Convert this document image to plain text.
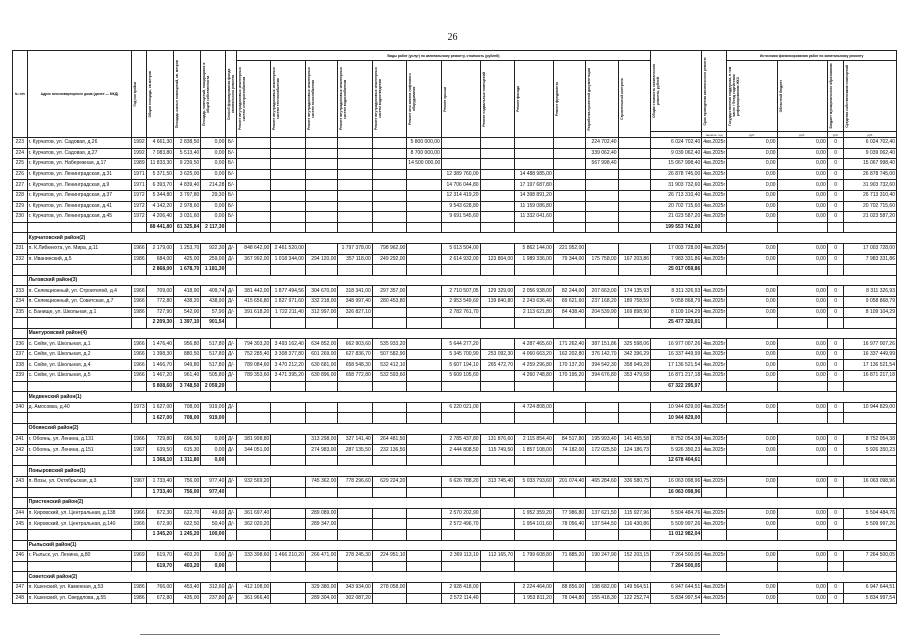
26
№ п/п	Адрес многоквартирного дома (далее — МКД)	Год постройки	Общая площадь, кв.метров	Площадь жилых помещений, кв. метров	Площадь помещений, находящихся в общей собственности	Способ формирования фонда капитального ремонта	Виды работ (услуг) по капитальному ремонту, стоимость (рублей)												Общая стоимость капитального ремонта, рублей	Срок проведения капитального ремонта	Источники финансирования работ по капитальному ремонту			

							Ремонт внутридомовых инженерных систем электроснабжения	Ремонт внутридомовых инженерных систем теплоснабжения	Ремонт внутридомовых инженерных систем газоснабжения	Ремонт внутридомовых инженерных систем водоснабжения	Ремонт внутридомовых инженерных систем водоотведения	Ремонт или замена лифтового оборудования	Ремонт крыши	Ремонт подвальных помещений	Ремонт фасада	Ремонт фундамента	Разработка проектной документации	Строительный контроль			Государственная поддержка, в том числе / Фонд содействия реформированию ЖКХ	Областной бюджет	Бюджет муниципального образования	Средства собственников помещений

																				выполн. год	руб.	руб.	руб.	руб.
223	г. Курчатов, ул. Садовая, д.26	1992	4 661,30	2 838,50	0,00	Б/-						5 800 000,00					224 702,40		6 024 702,40	4кв.2025г	0,00	0,00	0	6 024 702,40
224	г. Курчатов, ул. Садовая, д.27	1992	7 083,80	5 513,40	0,00	Б/-						8 700 000,00					339 062,40		9 039 062,40	4кв.2025г	0,00	0,00	0	9 039 062,40
225	г. Курчатов, ул. Набережная, д.17	1989	11 833,30	9 239,50	0,00	Б/-						14 500 000,00					567 998,40		15 067 998,40	4кв.2025г	0,00	0,00	0	15 067 998,40
226	г. Курчатов, ул. Ленинградская, д.31	1971	5 371,50	3 625,00	0,00	Б/-							12 389 760,00		14 488 985,00				26 878 745,00	4кв.2025г	0,00	0,00	0	26 878 745,00
227	г. Курчатов, ул. Ленинградская, д.9	1971	6 393,70	4 839,40	214,28	Б/-							14 706 044,80		17 197 687,80				31 903 732,60	4кв.2025г	0,00	0,00	0	31 903 732,60
228	г. Курчатов, ул. Ленинградская, д.37	1972	5 344,80	3 797,80	29,30	Б/-							12 314 419,20		14 398 891,20				26 713 310,40	4кв.2025г	0,00	0,00	0	26 713 310,40
229	г. Курчатов, ул. Ленинградская, д.41	1972	4 142,20	2 978,60	0,00	Б/-							9 543 628,80		11 159 086,80				20 702 715,60	4кв.2025г	0,00	0,00	0	20 702 715,60
230	г. Курчатов, ул. Ленинградская, д.45	1972	4 206,40	3 031,60	0,00	Б/-							9 691 545,60		11 332 041,60				21 023 587,20	4кв.2025г	0,00	0,00	0	21 023 587,20
			88 441,80	61 325,84	2 117,30														199 553 742,00					
	Курчатовский район(2)																							
231	п. К.Либкнехта, ул. Мира, д.11	1966	2 179,00	1 253,70	922,30	Д/-	848 642,00	2 461 520,00		1 797 378,00	798 962,00		5 013 504,00		5 862 144,00	221 952,00			17 003 728,00	4кв.2025г	0,00	0,00	0	17 003 728,00
232	п. Иванинский, д.5	1986	684,00	425,00	259,00	Д/-	367 992,00	1 018 344,00	294 120,00	357 118,00	249 292,00		2 614 932,00	123 804,00	1 989 336,00	79 344,00	175 758,00	167 203,86	7 983 331,86	4кв.2025г	0,00	0,00	0	7 983 331,86
			2 868,00	1 678,70	1 181,30														25 017 059,86					
	Льговский район(3)																							
233	п. Селекционный, ул. Строителей, д.4	1966	709,00	418,90	409,74	Д/-	381 442,00	1 877 494,56	304 670,00	318 341,00	297 357,00		2 710 507,05	129 329,00	2 056 938,00	82 244,00	207 663,00	174 135,93	8 311 326,93	4кв.2025г	0,00	0,00	0	8 311 326,93
234	п. Селекционный, ул. Советская, д.7	1966	772,80	438,20	438,90	Д/-	415 656,80	1 827 971,60	332 218,00	348 997,40	280 453,80		2 953 549,60	139 840,80	2 243 636,40	89 621,60	237 168,20	189 758,59	9 058 868,79	4кв.2025г	0,00	0,00	0	9 058 868,79
235	с. Банище, ул. Школьная, д.1	1986	727,90	542,00	57,90	Д/-	391 618,20	1 722 211,40	312 997,00	326 827,10			2 782 761,70		2 113 621,80	84 438,40	204 539,90	169 898,90	8 109 104,29	4кв.2025г	0,00	0,00	0	8 109 104,29
			2 209,30	1 397,10	901,54														25 477 320,01					
	Мантуровский район(4)																							
236	с. Сейм, ул. Школьная, д.1	1966	1 476,40	956,80	517,80	Д/-	794 303,20	3 493 162,40	634 852,00	662 903,60	535 933,20		5 644 277,20		4 287 465,60	171 262,40	387 151,86	325 598,06	16 977 007,26	4кв.2025г	0,00	0,00	0	16 977 007,26
237	с. Сейм, ул. Школьная, д.2	1966	1 398,30	880,50	517,80	Д/-	752 285,40	3 308 377,80	601 269,00	627 836,70	507 582,90		5 345 700,90	253 092,30	4 060 663,20	162 202,80	376 142,70	342 396,29	16 337 449,99	4кв.2025г	0,00	0,00	0	16 337 449,99
238	с. Сейм, ул. Школьная, д.4	1966	1 466,70	949,80	517,80	Д/-	789 084,60	3 470 212,20	630 681,00	658 548,30	532 412,10		5 607 194,10	265 472,70	4 259 296,80	170 137,20	394 542,30	358 949,28	17 136 521,54	4кв.2025г	0,00	0,00	0	17 136 521,54
239	с. Сейм, ул. Школьная, д.5	1966	1 467,20	961,40	505,80	Д/-	789 353,60	3 471 395,20	630 896,00	658 772,80	532 593,60		5 609 105,60		4 260 748,80	170 195,20	394 676,80	353 479,58	16 871 217,18	4кв.2025г	0,00	0,00	0	16 871 217,18
			5 808,60	3 748,50	2 059,20														67 322 295,97					
	Медвенский район(1)																							
240	д. Амосовка, д.40	1973	1 627,00	708,00	919,00	Д/-							6 220 021,00		4 724 808,00				10 944 829,00	4кв.2025г	0,00	0,00	0	10 944 829,00
			1 627,00	708,00	919,00														10 944 829,00					
	Обоянский район(2)																							
241	г. Обоянь, ул. Ленина, д.131	1966	729,80	696,50	0,00	Д/-	381 998,80		313 298,00	327 141,40	264 481,50		2 785 437,80	131 876,60	2 115 854,40	84 517,80	195 993,40	141 465,58	8 752 054,38	4кв.2025г	0,00	0,00	0	8 752 054,38
242	г. Обоянь, ул. Ленина, д.151	1967	639,50	615,30	0,00	Д/-	344 051,00		274 983,00	287 135,50	232 136,50		2 444 808,50	115 749,50	1 857 108,00	74 182,00	172 025,50	124 186,73	5 926 350,23	4кв.2025г	0,00	0,00	0	5 926 350,23
			1 368,10	1 311,80	0,00														12 678 404,61					
	Поныровский район(1)																							
243	п. Возы, ул. Октябрьская, д.3	1967	1 733,40	756,00	977,40	Д/-	932 569,20		745 362,00	778 296,60	629 224,20		6 626 788,20	313 745,40	5 033 793,60	201 074,40	465 284,60	336 580,75	16 063 098,96	4кв.2025г	0,00	0,00	0	16 063 098,96
			1 733,40	756,00	977,40														16 063 098,96					
	Пристенский район(2)																							
244	п. Кировский, ул. Центральная, д.138	1966	672,30	622,70	49,60	Д/-	361 697,40		289 089,00				2 570 202,90		1 952 359,20	77 986,80	137 621,50	115 927,96	5 504 484,76	4кв.2025г	0,00	0,00	0	5 504 484,76
245	п. Кировский, ул. Центральная, д.140	1966	672,90	622,50	50,40	Д/-	362 020,20		289 347,00				2 572 496,70		1 954 101,60	78 056,40	137 544,50	116 430,86	5 509 997,26	4кв.2025г	0,00	0,00	0	5 509 997,26
			1 345,20	1 245,20	100,00														11 012 982,04					
	Рыльский район(1)																							
246	г. Рыльск, ул. Ленина, д.80	1969	619,70	403,20	0,00	Д/-	333 398,60	1 466 210,20	266 471,00	278 245,30	224 951,10		2 369 113,10	112 165,70	1 799 608,80	71 885,20	190 247,90	152 203,15	7 264 500,05	4кв.2025г	0,00	0,00	0	7 264 500,05
			619,70	403,20	0,00														7 264 500,05					
	Советский район(2)																							
247	п. Кшенский, ул. Каменная, д.53	1986	766,00	453,40	312,60	Д/-	412 108,00		329 380,00	343 934,00	278 058,00		2 928 418,00		2 224 464,00	88 856,00	198 682,00	149 564,51	6 947 644,51	4кв.2025г	0,00	0,00	0	6 947 644,51
248	п. Кшенский, ул. Свердлова, д.55	1986	672,80	435,00	237,80	Д/-	361 966,40		289 304,00	302 087,20			2 572 114,40		1 953 811,20	78 044,80	155 418,30	122 252,74	5 834 997,54	4кв.2025г	0,00	0,00	0	5 834 997,54
